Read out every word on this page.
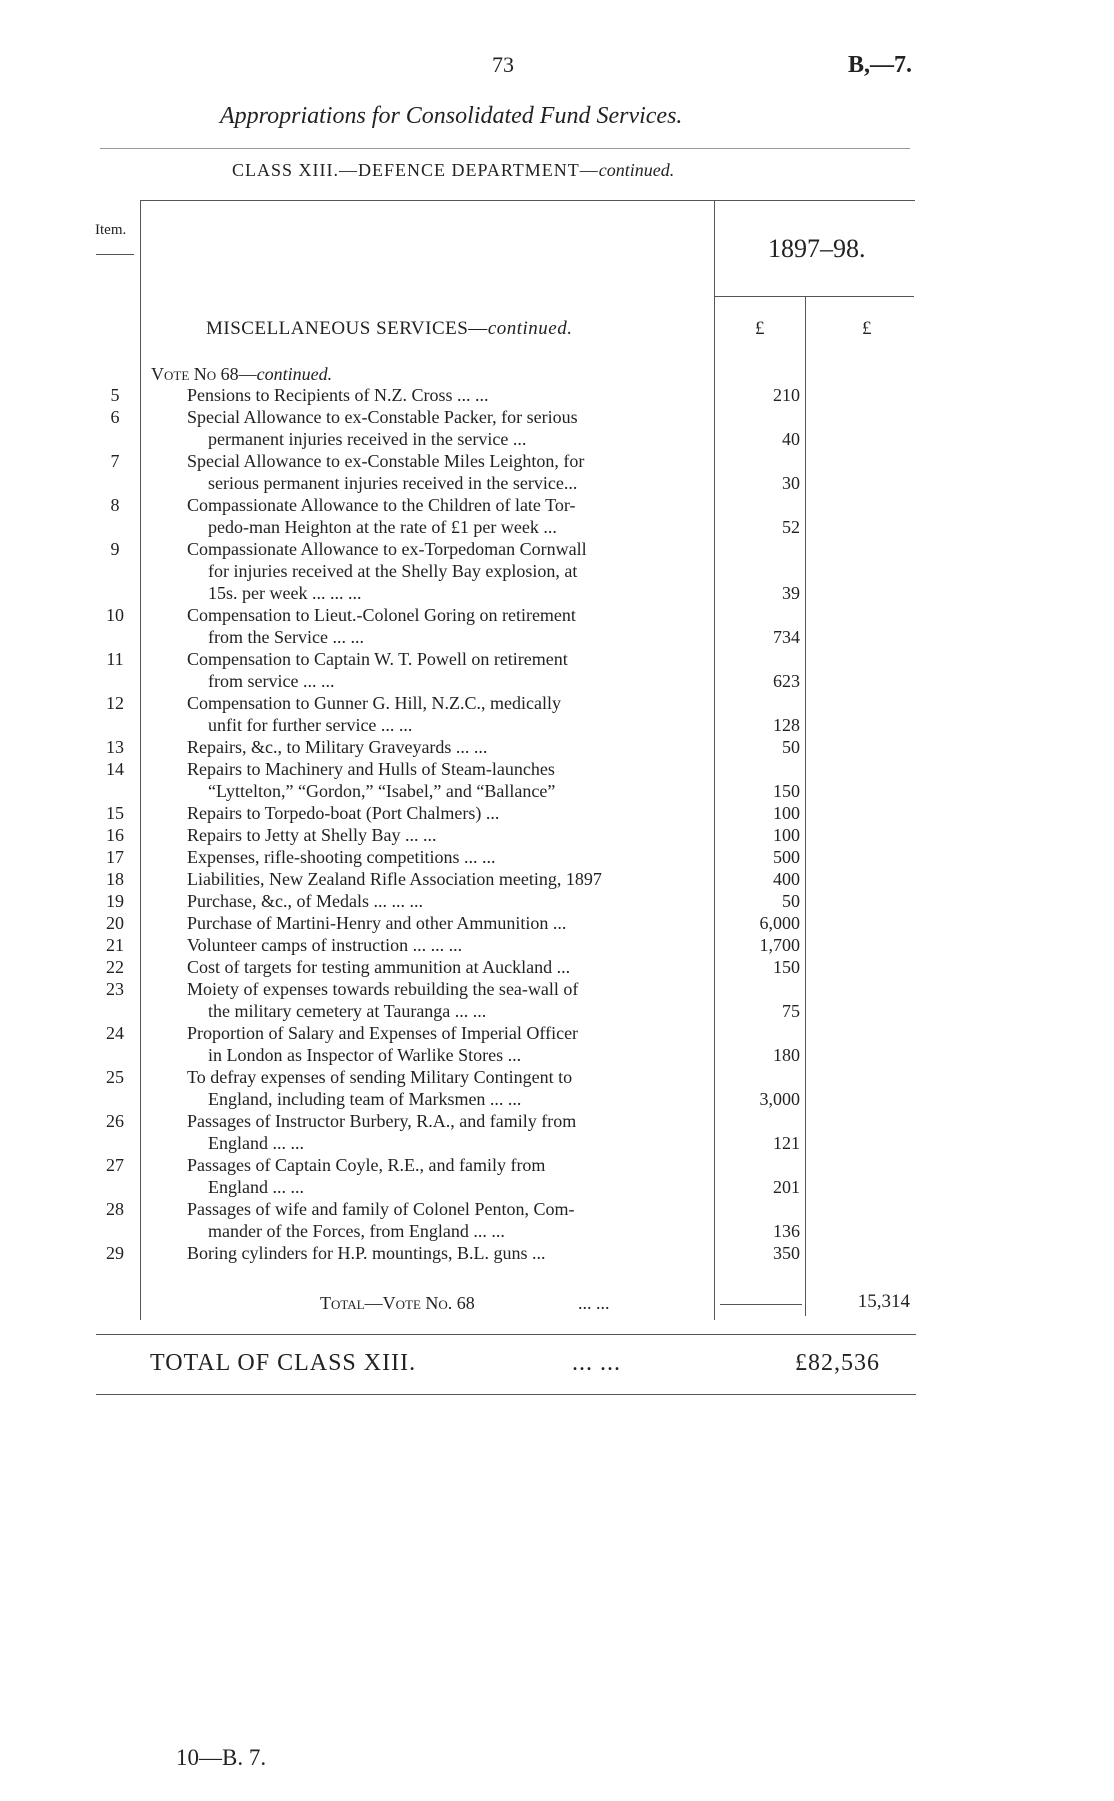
73	B,—7.
Appropriations for Consolidated Fund Services.
CLASS XIII.—DEFENCE DEPARTMENT—continued.
Item.
1897–98.
MISCELLANEOUS SERVICES—continued.	£	£
Vote No 68—continued.
5	Pensions to Recipients of N.Z. Cross ... ...	210
6	Special Allowance to ex-Constable Packer, for serious
permanent injuries received in the service ...	40
7	Special Allowance to ex-Constable Miles Leighton, for
serious permanent injuries received in the service...	30
8	Compassionate Allowance to the Children of late Tor-
pedo-man Heighton at the rate of £1 per week ...	52
9	Compassionate Allowance to ex-Torpedoman Cornwall
for injuries received at the Shelly Bay explosion, at
15s. per week ... ... ...	39
10	Compensation to Lieut.-Colonel Goring on retirement
from the Service ... ...	734
11	Compensation to Captain W. T. Powell on retirement
from service ... ...	623
12	Compensation to Gunner G. Hill, N.Z.C., medically
unfit for further service ... ...	128
13	Repairs, &c., to Military Graveyards ... ...	50
14	Repairs to Machinery and Hulls of Steam-launches
“Lyttelton,” “Gordon,” “Isabel,” and “Ballance”	150
15	Repairs to Torpedo-boat (Port Chalmers) ...	100
16	Repairs to Jetty at Shelly Bay ... ...	100
17	Expenses, rifle-shooting competitions ... ...	500
18	Liabilities, New Zealand Rifle Association meeting, 1897	400
19	Purchase, &c., of Medals ... ... ...	50
20	Purchase of Martini-Henry and other Ammunition ...	6,000
21	Volunteer camps of instruction ... ... ...	1,700
22	Cost of targets for testing ammunition at Auckland ...	150
23	Moiety of expenses towards rebuilding the sea-wall of
the military cemetery at Tauranga ... ...	75
24	Proportion of Salary and Expenses of Imperial Officer
in London as Inspector of Warlike Stores ...	180
25	To defray expenses of sending Military Contingent to
England, including team of Marksmen ... ...	3,000
26	Passages of Instructor Burbery, R.A., and family from
England ... ...	121
27	Passages of Captain Coyle, R.E., and family from
England ... ...	201
28	Passages of wife and family of Colonel Penton, Com-
mander of the Forces, from England ... ...	136
29	Boring cylinders for H.P. mountings, B.L. guns ...	350
Total—Vote No. 68	... ...	15,314
TOTAL OF CLASS XIII.	... ...	£82,536
10—B. 7.
